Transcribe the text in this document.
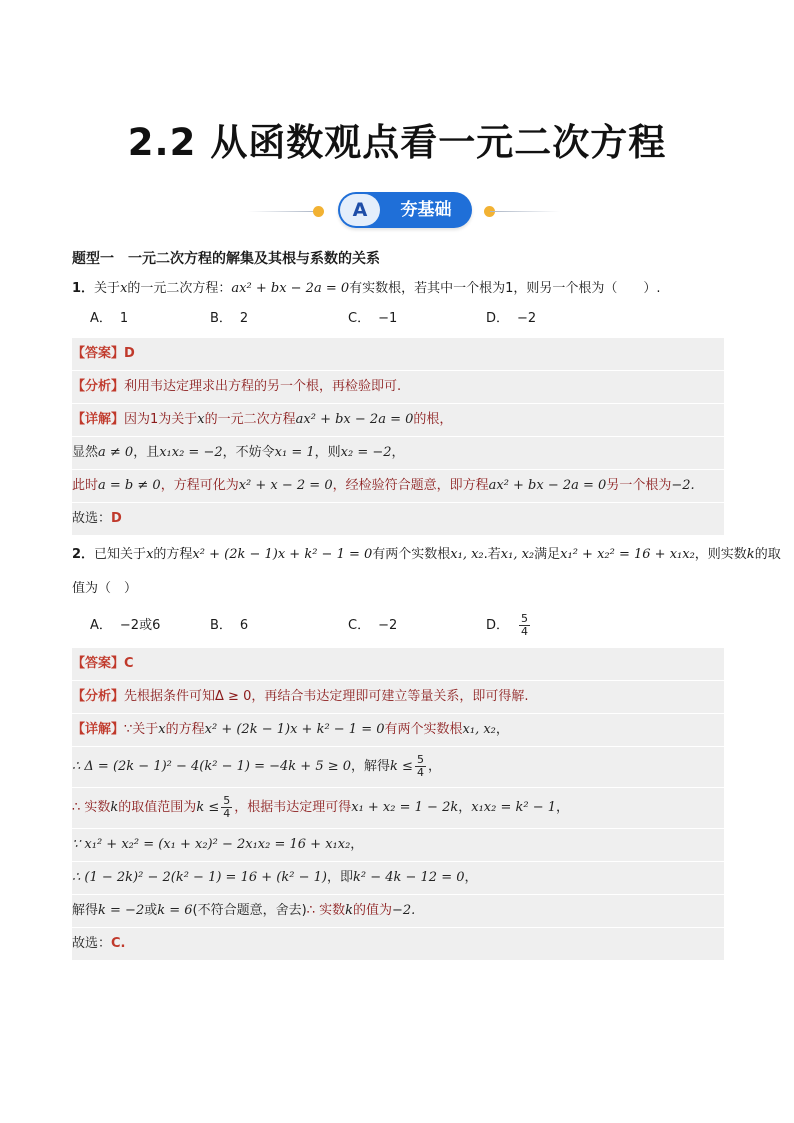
2.2 从函数观点看一元二次方程
A	夯基础
题型一　一元二次方程的解集及其根与系数的关系
1．关于x的一元二次方程：ax² + bx − 2a = 0有实数根，若其中一个根为1，则另一个根为（　　）.
A． 1	B． 2	C． −1	D． −2
【答案】D
【分析】利用韦达定理求出方程的另一个根，再检验即可.
【详解】因为1为关于x的一元二次方程ax² + bx − 2a = 0的根，
显然a ≠ 0，且x₁x₂ = −2，不妨令x₁ = 1，则x₂ = −2，
此时a = b ≠ 0，方程可化为x² + x − 2 = 0，经检验符合题意，即方程ax² + bx − 2a = 0另一个根为−2.
故选：D
2．已知关于x的方程x² + (2k − 1)x + k² − 1 = 0有两个实数根x₁, x₂.若x₁, x₂满足x₁² + x₂² = 16 + x₁x₂，则实数k的取
值为（　）
A． −2或6	B． 6	C． −2	D． $\frac{5}{4}$
【答案】C
【分析】先根据条件可知Δ ≥ 0，再结合韦达定理即可建立等量关系，即可得解.
【详解】∵关于x的方程x² + (2k − 1)x + k² − 1 = 0有两个实数根x₁, x₂，
∴ Δ = (2k − 1)² − 4(k² − 1) = −4k + 5 ≥ 0，解得$k \le \frac{5}{4}$ ，
∴ 实数k的取值范围为$k \le \frac{5}{4}$ ，根据韦达定理可得x₁ + x₂ = 1 − 2k，x₁x₂ = k² − 1，
∵ x₁² + x₂² = (x₁ + x₂)² − 2x₁x₂ = 16 + x₁x₂，
∴ (1 − 2k)² − 2(k² − 1) = 16 + (k² − 1)，即k² − 4k − 12 = 0，
解得k = −2或k = 6(不符合题意，舍去)∴ 实数k的值为−2.
故选：C.
